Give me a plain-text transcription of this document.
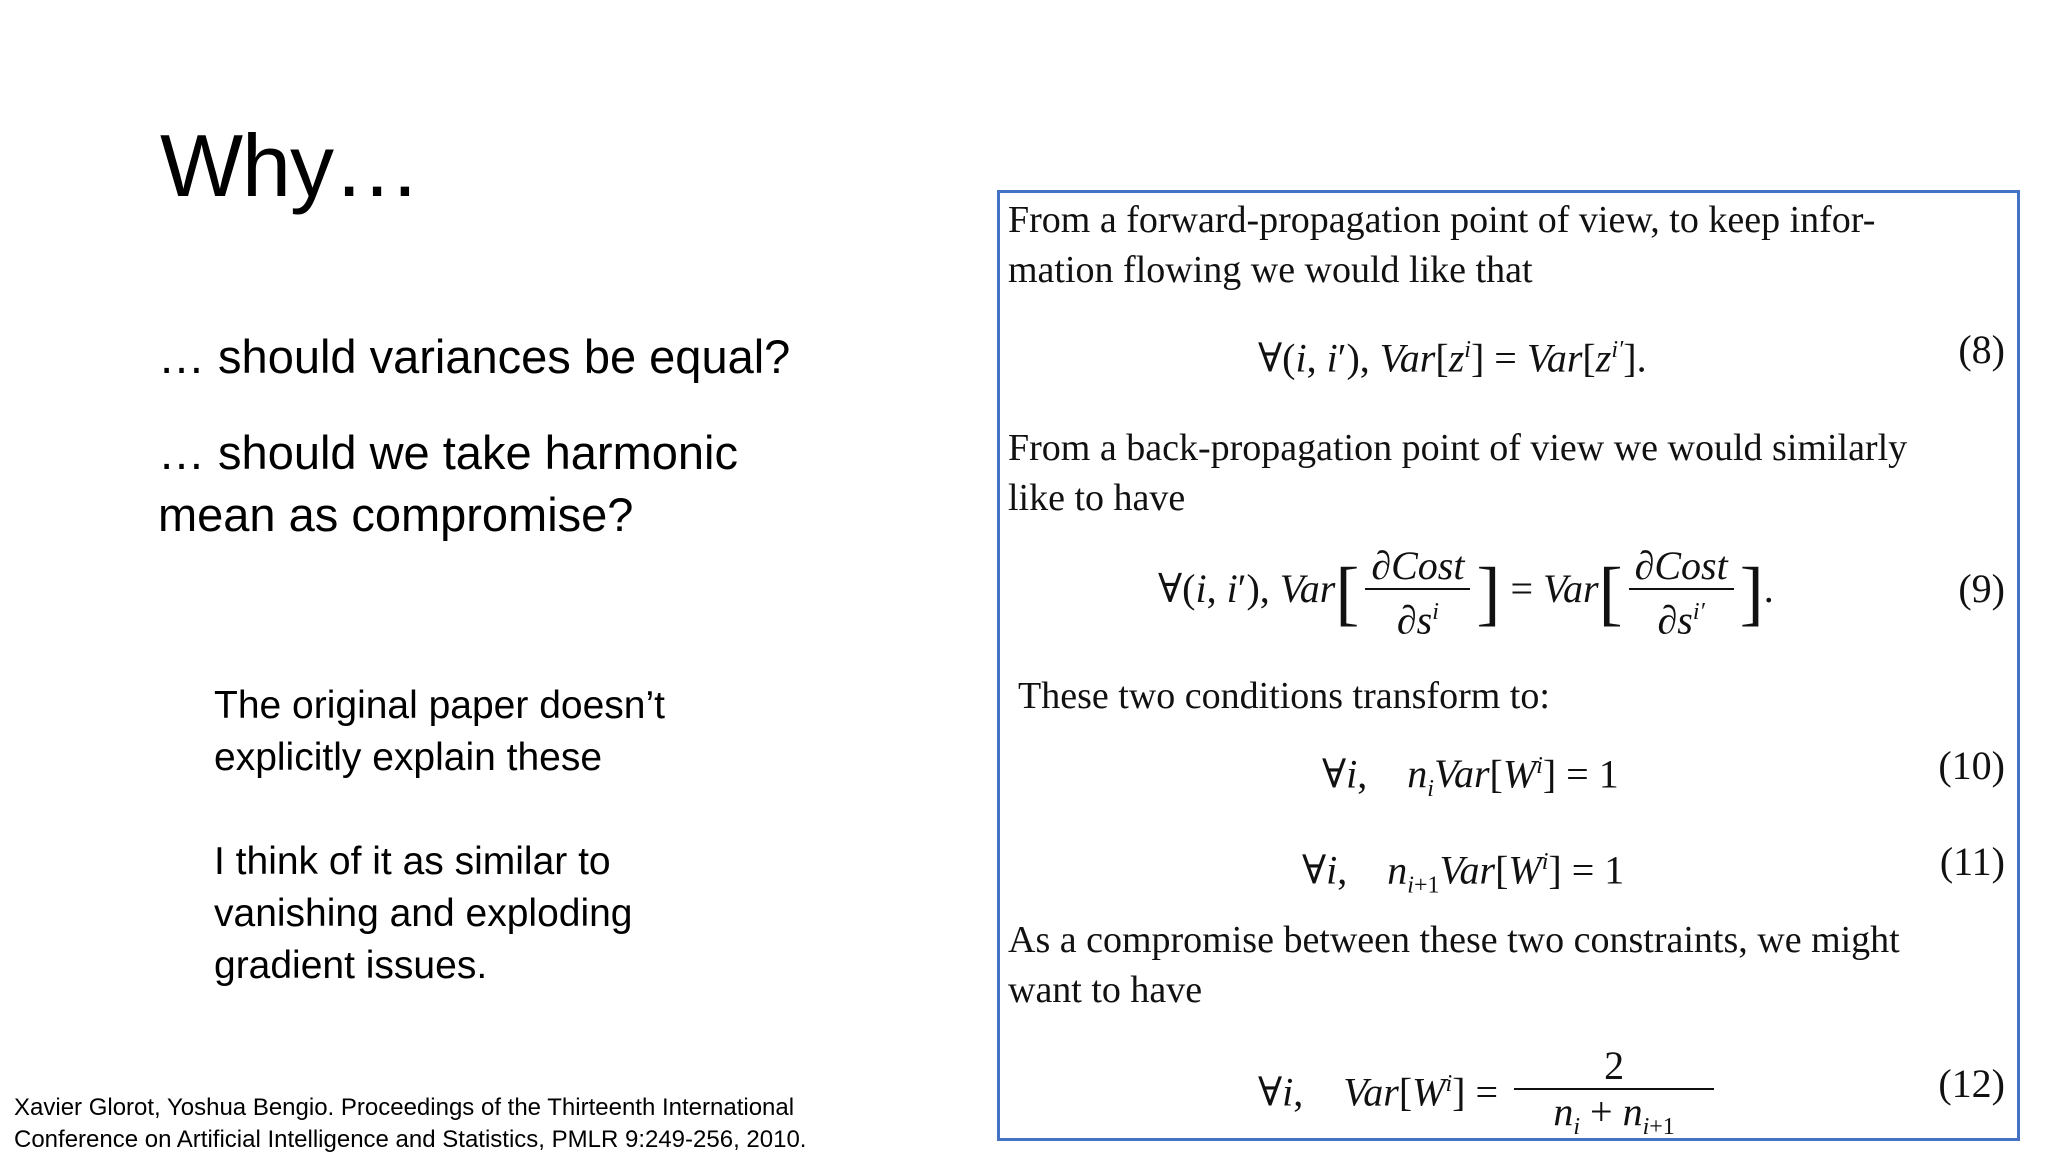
Why…

… should variances be equal?

… should we take harmonic

mean as compromise?

The original paper doesn’t

explicitly explain these

I think of it as similar to

vanishing and exploding

gradient issues.

Xavier Glorot, Yoshua Bengio. Proceedings of the Thirteenth International
Conference on Artificial Intelligence and Statistics, PMLR 9:249-256, 2010.

From a forward-propagation point of view, to keep infor-
mation flowing we would like that

∀(i, i′), $Var[z^i] = Var[z^{i'}]$.	(8)

From a back-propagation point of view we would similarly
like to have

∀(i, i′), $Var[ \frac{\text{∂Cost}}{\partial s^i}$ ] = $Var[ \frac{\text{∂Cost}}{\partial s^{i'}}$ ].	(9)

These two conditions transform to:

∀i,    $n_iVar[W^i] = 1$	(10)
∀i,    $n_{i+1}Var[W^i] = 1$	(11)

As a compromise between these two constraints, we might
want to have

∀i,    $Var[W^i] = \frac{2}{n_i + n_{i+1}}$	(12)
